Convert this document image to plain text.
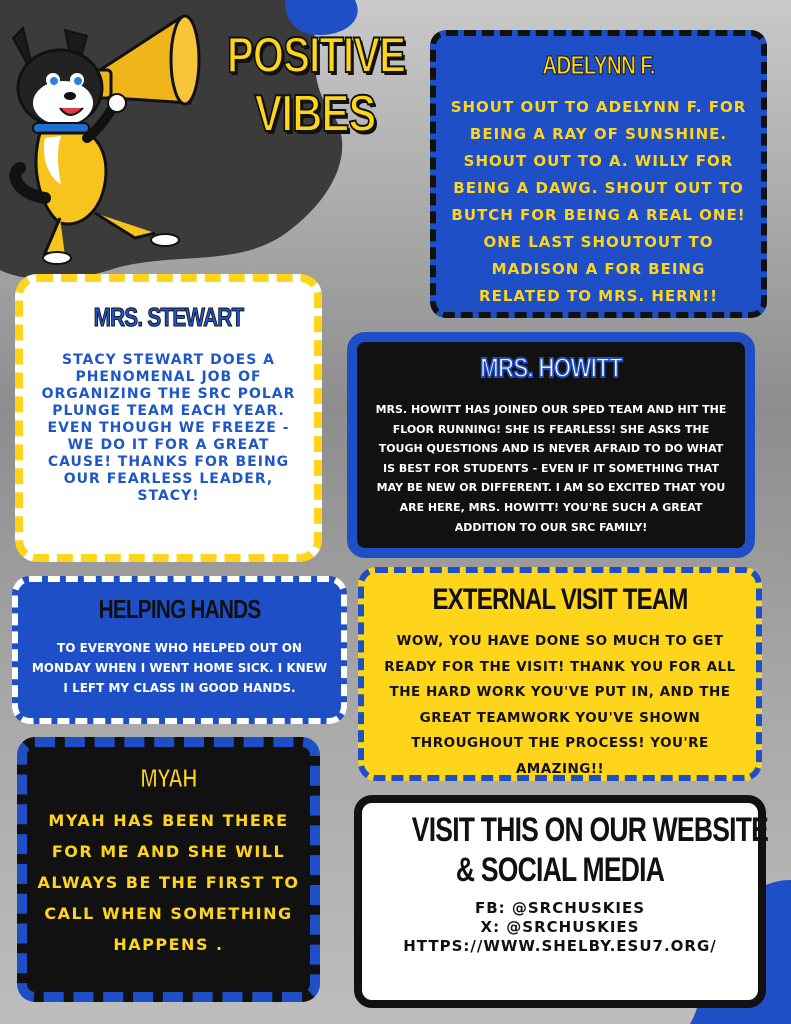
POSITIVE
VIBES
ADELYNN F.
SHOUT OUT TO ADELYNN F. FOR BEING A RAY OF SUNSHINE. SHOUT OUT TO A. WILLY FOR BEING A DAWG. SHOUT OUT TO BUTCH FOR BEING A REAL ONE! ONE LAST SHOUTOUT TO MADISON A FOR BEING RELATED TO MRS. HERN!!
MRS. STEWART
STACY STEWART DOES A PHENOMENAL JOB OF ORGANIZING THE SRC POLAR PLUNGE TEAM EACH YEAR. EVEN THOUGH WE FREEZE - WE DO IT FOR A GREAT CAUSE! THANKS FOR BEING OUR FEARLESS LEADER, STACY!
MRS. HOWITT
MRS. HOWITT HAS JOINED OUR SPED TEAM AND HIT THE FLOOR RUNNING! SHE IS FEARLESS! SHE ASKS THE TOUGH QUESTIONS AND IS NEVER AFRAID TO DO WHAT IS BEST FOR STUDENTS - EVEN IF IT SOMETHING THAT MAY BE NEW OR DIFFERENT. I AM SO EXCITED THAT YOU ARE HERE, MRS. HOWITT! YOU'RE SUCH A GREAT ADDITION TO OUR SRC FAMILY!
HELPING HANDS
TO EVERYONE WHO HELPED OUT ON MONDAY WHEN I WENT HOME SICK. I KNEW I LEFT MY CLASS IN GOOD HANDS.
EXTERNAL VISIT TEAM
WOW, YOU HAVE DONE SO MUCH TO GET READY FOR THE VISIT! THANK YOU FOR ALL THE HARD WORK YOU'VE PUT IN, AND THE GREAT TEAMWORK YOU'VE SHOWN THROUGHOUT THE PROCESS! YOU'RE AMAZING!!
MYAH
MYAH HAS BEEN THERE FOR ME AND SHE WILL ALWAYS BE THE FIRST TO CALL WHEN SOMETHING HAPPENS .
VISIT THIS ON OUR WEBSITE
& SOCIAL MEDIA
FB: @SRCHUSKIES
X: @SRCHUSKIES
HTTPS://WWW.SHELBY.ESU7.ORG/
